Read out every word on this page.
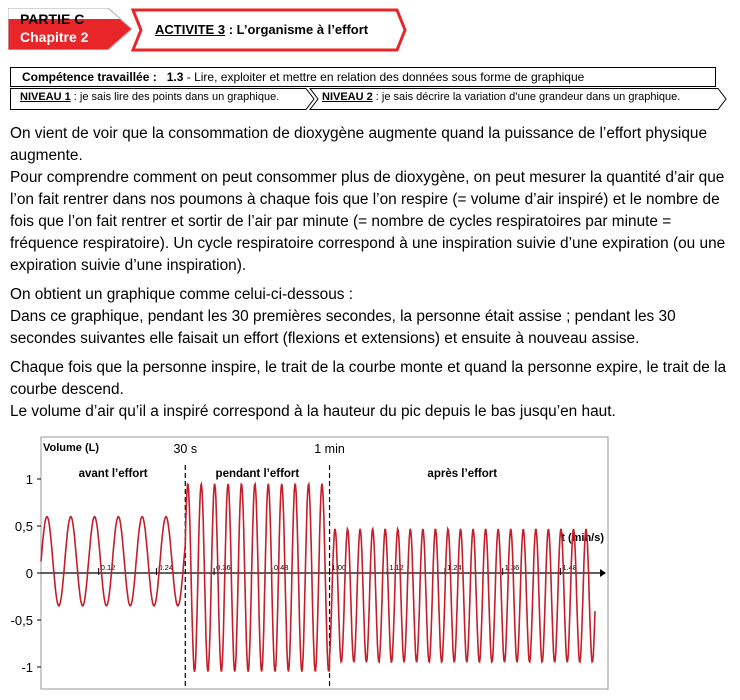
PARTIE C
Chapitre 2	ACTIVITE 3 : L’organisme à l’effort
Compétence travaillée : 1.3 - Lire, exploiter et mettre en relation des données sous forme de graphique
NIVEAU 1 : je sais lire des points dans un graphique.	NIVEAU 2 : je sais décrire la variation d’une grandeur dans un graphique.

On vient de voir que la consommation de dioxygène augmente quand la puissance de l’effort physique augmente.
Pour comprendre comment on peut consommer plus de dioxygène, on peut mesurer la quantité d’air que l’on fait rentrer dans nos poumons à chaque fois que l’on respire (= volume d’air inspiré) et le nombre de fois que l’on fait rentrer et sortir de l’air par minute (= nombre de cycles respiratoires par minute = fréquence respiratoire). Un cycle respiratoire correspond à une inspiration suivie d’une expiration (ou une expiration suivie d’une inspiration).

On obtient un graphique comme celui-ci-dessous :
Dans ce graphique, pendant les 30 premières secondes, la personne était assise ; pendant les 30 secondes suivantes elle faisait un effort (flexions et extensions) et ensuite à nouveau assise.

Chaque fois que la personne inspire, le trait de la courbe monte et quand la personne expire, le trait de la courbe descend.
Le volume d’air qu’il a inspiré correspond à la hauteur du pic depuis le bas jusqu’en haut.

Volume (L)
1
0,5
0
-0,5
-1
t (min/s)
0.12	0.24	0.36	0.48	1.00	1.12	1.24	1.36	1.48
30 s	1 min
avant l’effort	pendant l’effort	après l’effort
